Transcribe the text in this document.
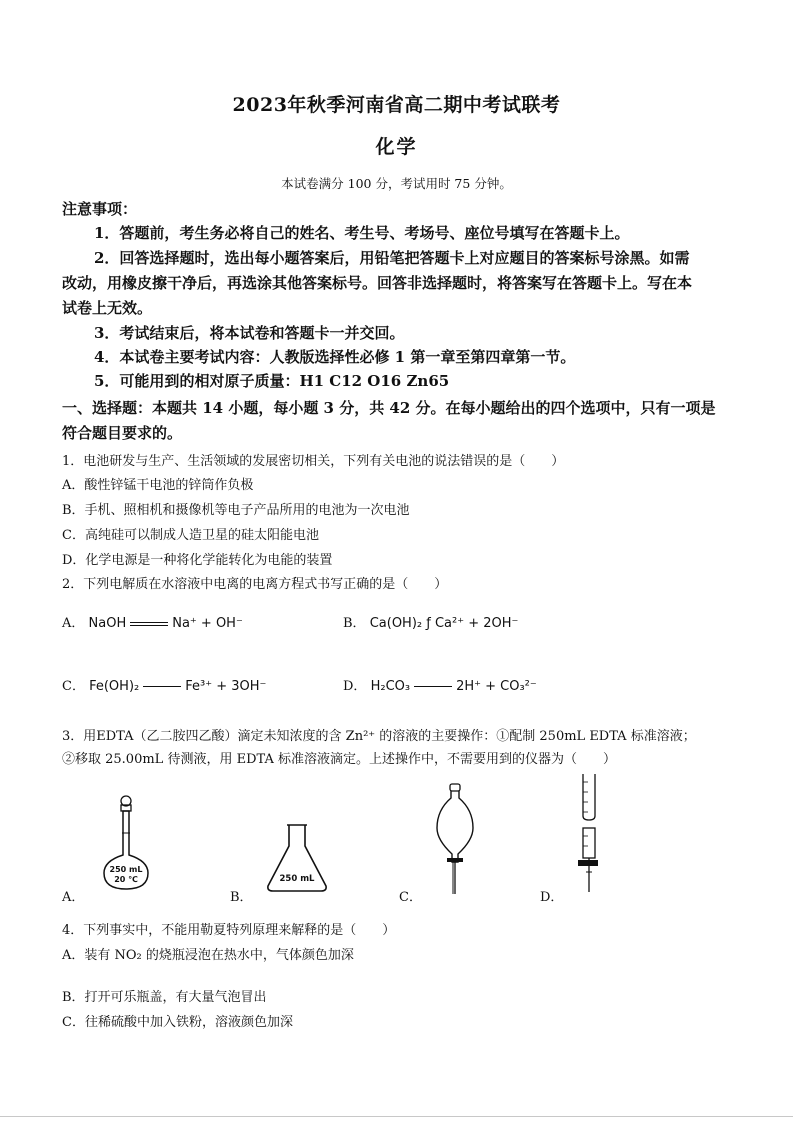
2023年秋季河南省高二期中考试联考
化学
本试卷满分 100 分，考试用时 75 分钟。
注意事项：
1．答题前，考生务必将自己的姓名、考生号、考场号、座位号填写在答题卡上。
2．回答选择题时，选出每小题答案后，用铅笔把答题卡上对应题目的答案标号涂黑。如需
改动，用橡皮擦干净后，再选涂其他答案标号。回答非选择题时，将答案写在答题卡上。写在本
试卷上无效。
3．考试结束后，将本试卷和答题卡一并交回。
4．本试卷主要考试内容：人教版选择性必修 1 第一章至第四章第一节。
5．可能用到的相对原子质量：H1 C12 O16 Zn65
一、选择题：本题共 14 小题，每小题 3 分，共 42 分。在每小题给出的四个选项中，只有一项是
符合题目要求的。
1．电池研发与生产、生活领域的发展密切相关，下列有关电池的说法错误的是（　　）
A．酸性锌锰干电池的锌筒作负极
B．手机、照相机和摄像机等电子产品所用的电池为一次电池
C．高纯硅可以制成人造卫星的硅太阳能电池
D．化学电源是一种将化学能转化为电能的装置
2．下列电解质在水溶液中电离的电离方程式书写正确的是（　　）
A． NaOH	Na⁺ + OH⁻	B． Ca(OH)₂ ƒ Ca²⁺ + 2OH⁻
C． Fe(OH)₂	Fe³⁺ + 3OH⁻	D． H₂CO₃	2H⁺ + CO₃²⁻
3．用EDTA（乙二胺四乙酸）滴定未知浓度的含 Zn²⁺ 的溶液的主要操作：①配制 250mL EDTA 标准溶液；
②移取 25.00mL 待测液，用 EDTA 标准溶液滴定。上述操作中，不需要用到的仪器为（　　）
250 mL
20 ℃
A．
250 mL
B．	C．	D．
4．下列事实中，不能用勒夏特列原理来解释的是（　　）
A．装有 NO₂ 的烧瓶浸泡在热水中，气体颜色加深
B．打开可乐瓶盖，有大量气泡冒出
C．往稀硫酸中加入铁粉，溶液颜色加深
